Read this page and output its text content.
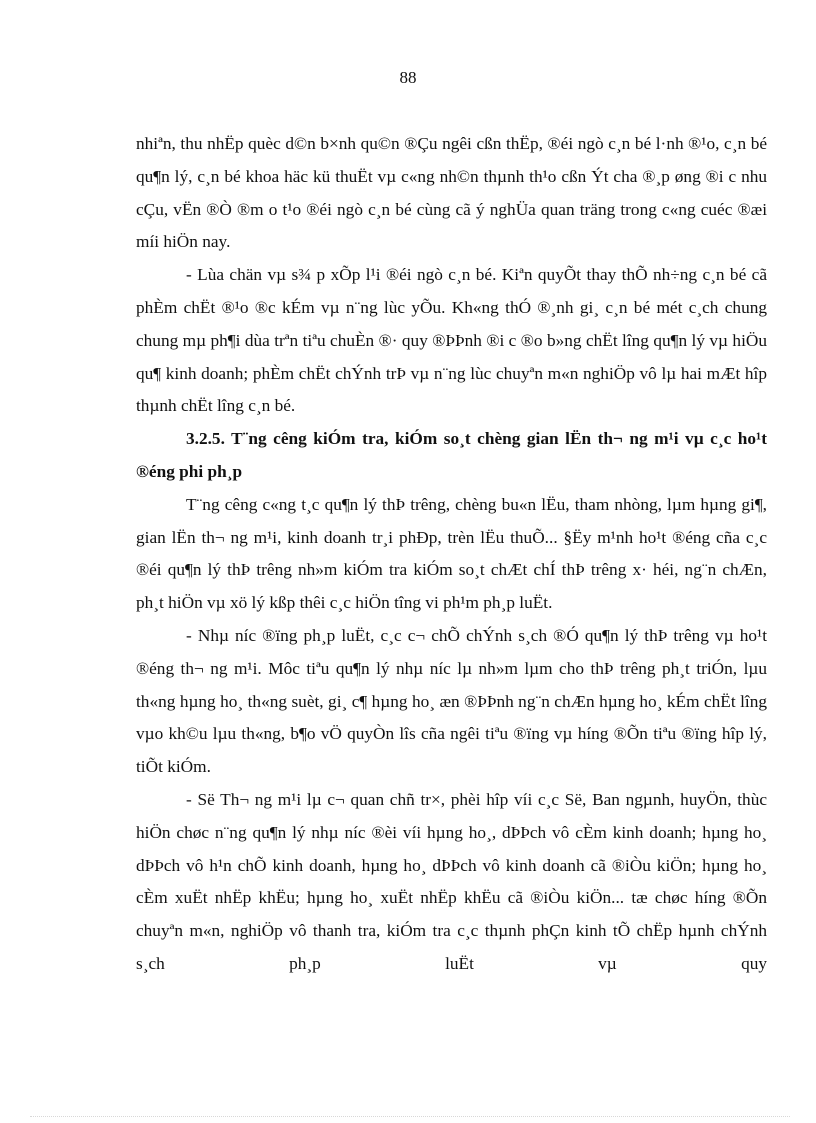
88

nhiªn, thu nhËp quèc d©n b×nh qu©n ®Çu ngêi cßn thËp, ®éi ngò c¸n bé l·nh ®¹o, c¸n bé qu¶n lý, c¸n bé khoa häc kü thuËt vµ c«ng nh©n thµnh th¹o cßn Ýt cha ®¸p øng ®i c nhu cÇu, vËn ®Ò ®m o t¹o ®éi ngò c¸n bé cùng cã ý nghÜa quan träng trong c«ng cuéc ®æi míi hiÖn nay.

- Lùa chän vµ s¾ p xÕp l¹i ®éi ngò c¸n bé. Kiªn quyÕt thay thÕ nh÷ng c¸n bé cã phÈm chËt ®¹o ®c kÉm vµ n¨ng lùc yÕu. Kh«ng thÓ ®¸nh gi¸ c¸n bé mét c¸ch chung chung mµ ph¶i dùa trªn tiªu chuÈn ®· quy ®ÞÞnh ®i c ®o b»ng chËt lîng qu¶n lý vµ hiÖu qu¶ kinh doanh; phÈm chËt chÝnh trÞ vµ n¨ng lùc chuyªn m«n nghiÖp vô lµ hai mÆt hîp thµnh chËt lîng c¸n bé.

3.2.5. T¨ng cêng kiÓm tra, kiÓm so¸t chèng gian lËn th¬ ng m¹i vµ c¸c ho¹t ®éng phi ph¸p

T¨ng cêng c«ng t¸c qu¶n lý thÞ trêng, chèng bu«n lËu, tham nhòng, lµm hµng gi¶, gian lËn th¬ ng m¹i, kinh doanh tr¸i phÐp, trèn lËu thuÕ... §Ëy m¹nh ho¹t ®éng cña c¸c ®éi qu¶n lý thÞ trêng nh»m kiÓm tra kiÓm so¸t chÆt chÍ thÞ trêng x· héi, ng¨n chÆn, ph¸t hiÖn vµ xö lý kßp thêi c¸c hiÖn tîng vi ph¹m ph¸p luËt.

- Nhµ níc ®ïng ph¸p luËt, c¸c c¬ chÕ chÝnh s¸ch ®Ó qu¶n lý thÞ trêng vµ ho¹t ®éng th¬ ng m¹i. Môc tiªu qu¶n lý nhµ níc lµ nh»m lµm cho thÞ trêng ph¸t triÓn, lµu th«ng hµng ho¸ th«ng suèt, gi¸ c¶ hµng ho¸ æn ®ÞÞnh ng¨n chÆn hµng ho¸ kÉm chËt lîng vµo kh©u lµu th«ng, b¶o vÖ quyÒn lîs cña ngêi tiªu ®ïng vµ híng ®Õn tiªu ®ïng hîp lý, tiÕt kiÓm.

- Së Th¬ ng m¹i lµ c¬ quan chñ tr×, phèi hîp víi c¸c Së, Ban ngµnh, huyÖn, thùc hiÖn chøc n¨ng qu¶n lý nhµ níc ®èi víi hµng ho¸, dÞÞch vô cÈm kinh doanh; hµng ho¸ dÞÞch vô h¹n chÕ kinh doanh, hµng ho¸ dÞÞch vô kinh doanh cã ®iÒu kiÖn; hµng ho¸ cÈm xuËt nhËp khËu; hµng ho¸ xuËt nhËp khËu cã ®iÒu kiÖn... tæ chøc híng ®Õn chuyªn m«n, nghiÖp vô thanh tra, kiÓm tra c¸c thµnh phÇn kinh tÕ chËp hµnh chÝnh s¸ch ph¸p luËt vµ quy
